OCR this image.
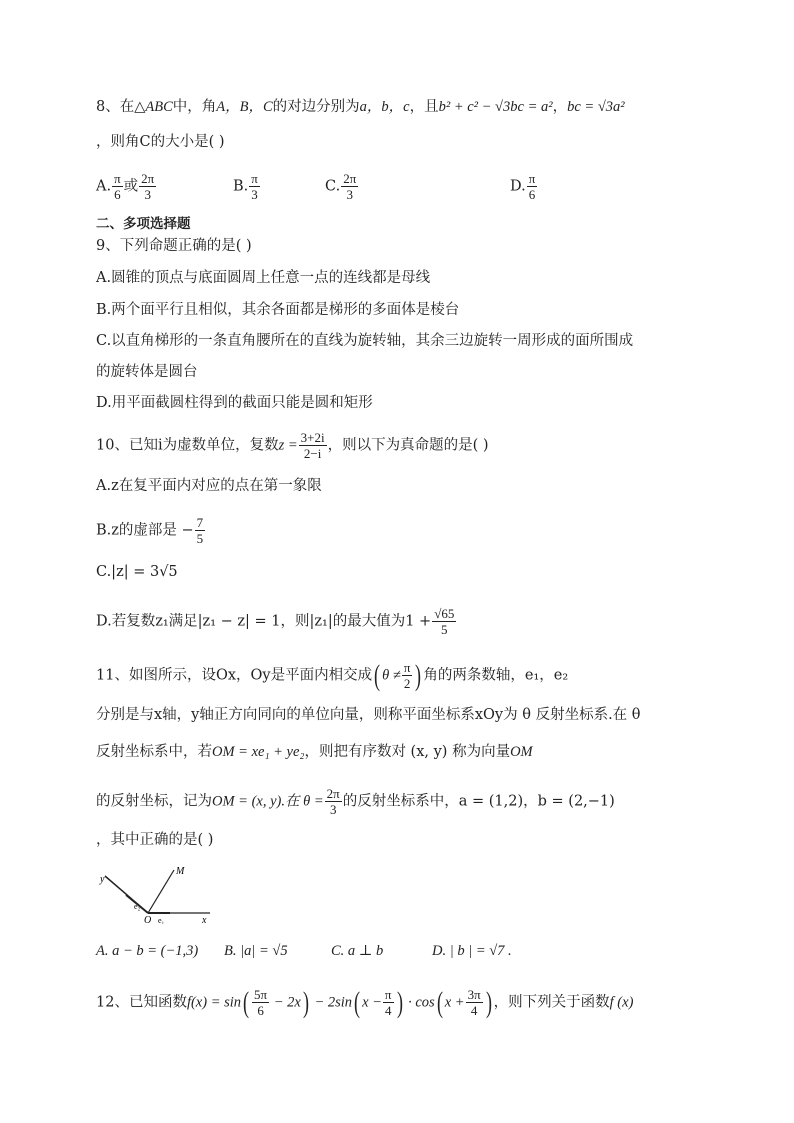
8、在△ABC中，角A，B，C的对边分别为a，b，c，且b² + c² − √3bc = a²，bc = √3a²
，则角C的大小是( )
A. $\frac{\pi}{6}$ 或 $\frac{2\pi}{3}$	B. $\frac{\pi}{3}$	C. $\frac{2\pi}{3}$	D. $\frac{\pi}{6}$
二、多项选择题
9、下列命题正确的是( )
A.圆锥的顶点与底面圆周上任意一点的连线都是母线
B.两个面平行且相似，其余各面都是梯形的多面体是棱台
C.以直角梯形的一条直角腰所在的直线为旋转轴，其余三边旋转一周形成的面所围成
的旋转体是圆台
D.用平面截圆柱得到的截面只能是圆和矩形
10、已知i为虚数单位，复数$z = \frac{3+2i}{2-i}$ ，则以下为真命题的是( )
A.z在复平面内对应的点在第一象限
B.z的虚部是 − $\frac{7}{5}$
C.|z| = 3√5
D.若复数z₁满足|z₁ − z| = 1，则|z₁|的最大值为$1 + \frac{√65}{5}$
11、如图所示，设Ox，Oy是平面内相交成( $\theta \ne \frac{\pi}{2}$ ) 角的两条数轴，e₁，e₂
分别是与x轴，y轴正方向同向的单位向量，则称平面坐标系xOy为 θ 反射坐标系.在 θ
反射坐标系中，若OM = xe₁ + ye₂，则把有序数对 (x, y) 称为向量OM
的反射坐标，记为OM = (x, y).在 $\theta = \frac{2\pi}{3}$ 的反射坐标系中，a = (1,2)，b = (2,−1)
，其中正确的是( )
y
M
e₂
O e₁	x
A. a − b = (−1,3) B. |a| = √5	C. a ⊥ b	D. | b | = √7 .
12、已知函数$f(x) = \sin( \frac{5\pi}{6} - 2x) - 2\sin$( $x - \frac{\pi}{4}$ ) · cos( $x + \frac{3\pi}{4}$ ) ，则下列关于函数f (x)
